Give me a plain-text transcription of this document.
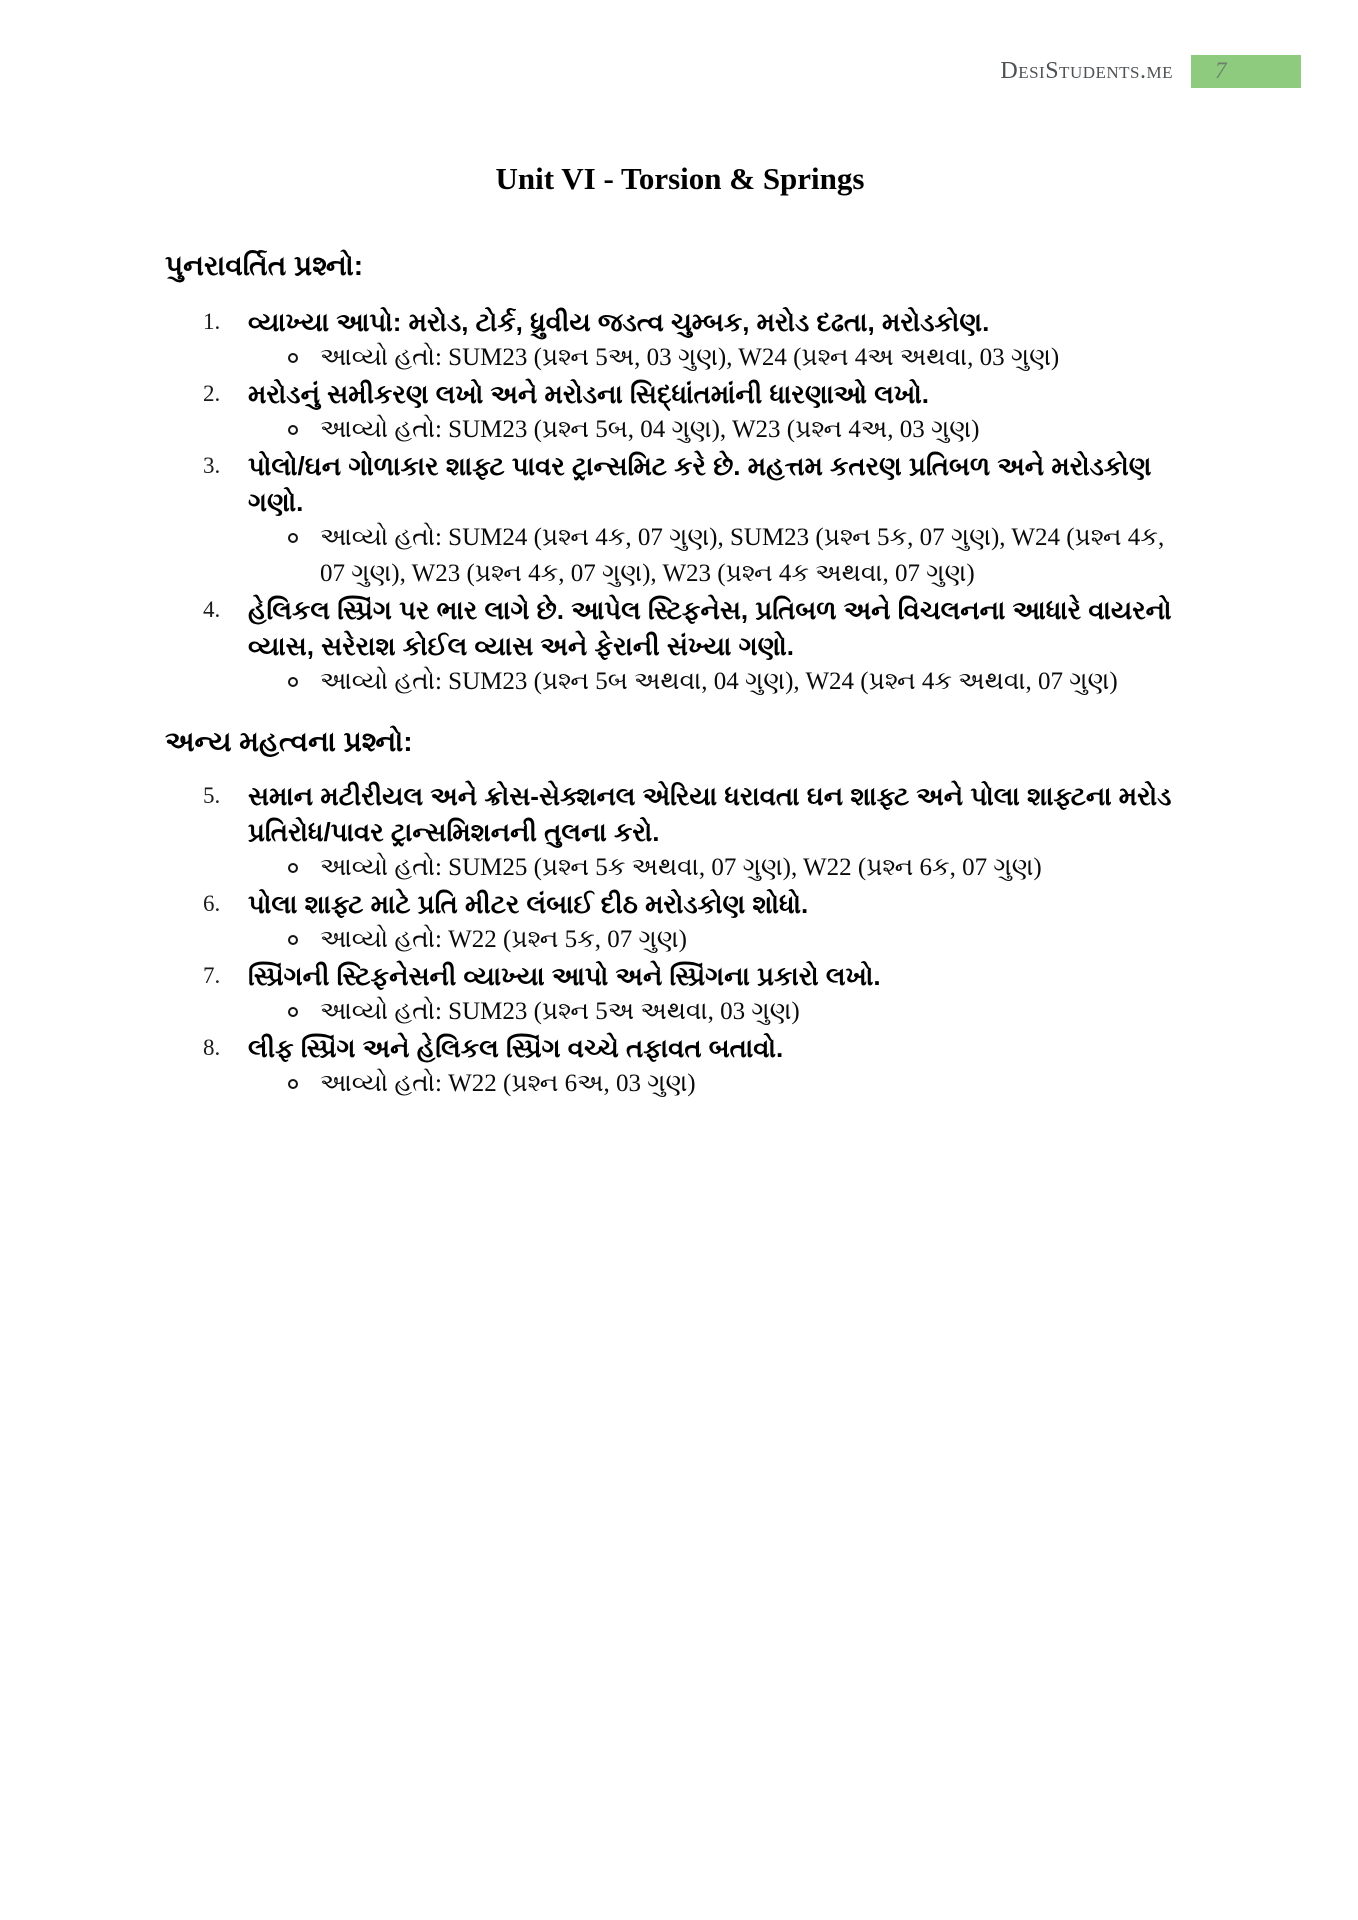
DesiStudents.me	7
Unit VI - Torsion & Springs
પુનરાવર્તિત પ્રશ્નો:
1.	વ્યાખ્યા આપો: મરોડ, ટોર્ક, ધ્રુવીય જડત્વ ચુમ્બક, મરોડ દઢતા, મરોડકોણ.
આવ્યો હતો: SUM23 (પ્રશ્ન 5અ, 03 ગુણ), W24 (પ્રશ્ન 4અ અથવા, 03 ગુણ)
2.	મરોડનું સમીકરણ લખો અને મરોડના સિદ્ધાંતમાંની ધારણાઓ લખો.
આવ્યો હતો: SUM23 (પ્રશ્ન 5બ, 04 ગુણ), W23 (પ્રશ્ન 4અ, 03 ગુણ)
3.	પોલો/ઘન ગોળાકાર શાફ્ટ પાવર ટ્રાન્સમિટ કરે છે. મહત્તમ કતરણ પ્રતિબળ અને મરોડકોણ ગણો.
આવ્યો હતો: SUM24 (પ્રશ્ન 4ક, 07 ગુણ), SUM23 (પ્રશ્ન 5ક, 07 ગુણ), W24 (પ્રશ્ન 4ક, 07 ગુણ), W23 (પ્રશ્ન 4ક, 07 ગુણ), W23 (પ્રશ્ન 4ક અથવા, 07 ગુણ)
4.	હેલિકલ સ્પ્રિંગ પર ભાર લાગે છે. આપેલ સ્ટિફનેસ, પ્રતિબળ અને વિચલનના આધારે વાયરનો વ્યાસ, સરેરાશ કોઈલ વ્યાસ અને ફેરાની સંખ્યા ગણો.
આવ્યો હતો: SUM23 (પ્રશ્ન 5બ અથવા, 04 ગુણ), W24 (પ્રશ્ન 4ક અથવા, 07 ગુણ)
અન્ય મહત્વના પ્રશ્નો:
5.	સમાન મટીરીયલ અને ક્રોસ-સેક્શનલ એરિયા ધરાવતા ઘન શાફ્ટ અને પોલા શાફ્ટના મરોડ પ્રતિરોધ/પાવર ટ્રાન્સમિશનની તુલના કરો.
આવ્યો હતો: SUM25 (પ્રશ્ન 5ક અથવા, 07 ગુણ), W22 (પ્રશ્ન 6ક, 07 ગુણ)
6.	પોલા શાફ્ટ માટે પ્રતિ મીટર લંબાઈ દીઠ મરોડકોણ શોધો.
આવ્યો હતો: W22 (પ્રશ્ન 5ક, 07 ગુણ)
7.	સ્પ્રિંગની સ્ટિફનેસની વ્યાખ્યા આપો અને સ્પ્રિંગના પ્રકારો લખો.
આવ્યો હતો: SUM23 (પ્રશ્ન 5અ અથવા, 03 ગુણ)
8.	લીફ સ્પ્રિંગ અને હેલિકલ સ્પ્રિંગ વચ્ચે તફાવત બતાવો.
આવ્યો હતો: W22 (પ્રશ્ન 6અ, 03 ગુણ)
